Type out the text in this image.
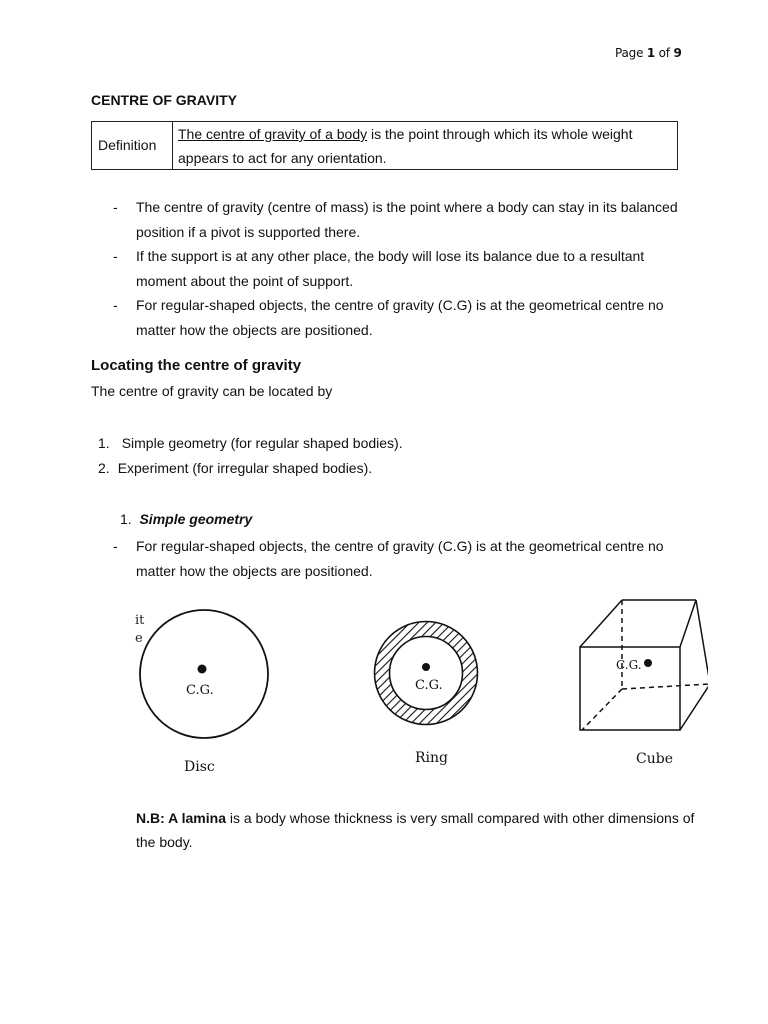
Page 1 of 9
CENTRE OF GRAVITY
Definition
The centre of gravity of a body is the point through which its whole weight appears to act for any orientation.
- The centre of gravity (centre of mass) is the point where a body can stay in its balanced position if a pivot is supported there.
- If the support is at any other place, the body will lose its balance due to a resultant moment about the point of support.
- For regular-shaped objects, the centre of gravity (C.G) is at the geometrical centre no matter how the objects are positioned.
Locating the centre of gravity
The centre of gravity can be located by
1. Simple geometry (for regular shaped bodies).
2. Experiment (for irregular shaped bodies).
1. Simple geometry
- For regular-shaped objects, the centre of gravity (C.G) is at the geometrical centre no matter how the objects are positioned.
it
e
C.G.
Disc
C.G.
Ring
C.G.
Cube
N.B: A lamina is a body whose thickness is very small compared with other dimensions of the body.
